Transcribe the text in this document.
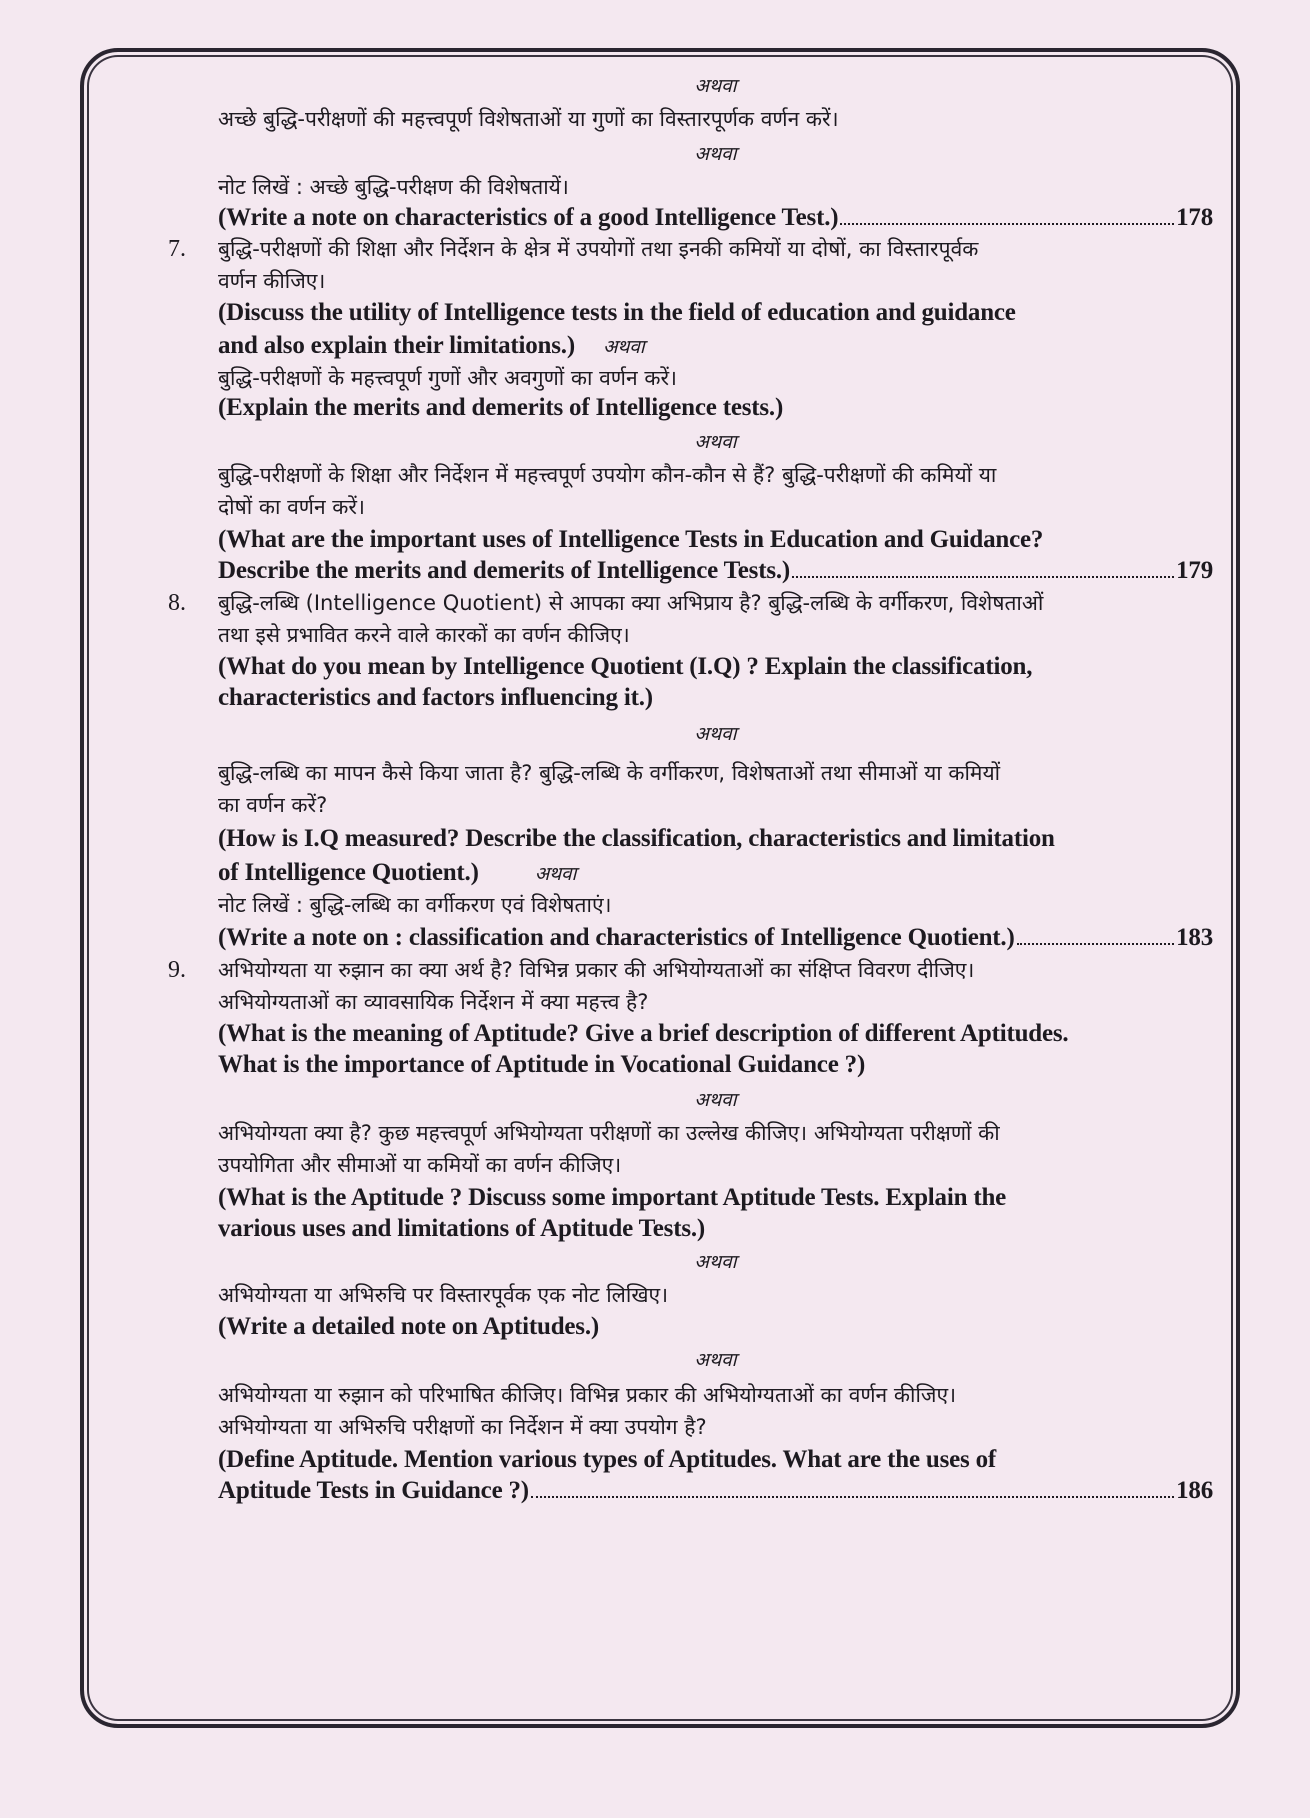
अथवा
अच्छे बुद्धि-परीक्षणों की महत्त्वपूर्ण विशेषताओं या गुणों का विस्तारपूर्णक वर्णन करें।
अथवा
नोट लिखें : अच्छे बुद्धि-परीक्षण की विशेषतायें।
(Write a note on characteristics of a good Intelligence Test.)	178
7. बुद्धि-परीक्षणों की शिक्षा और निर्देशन के क्षेत्र में उपयोगों तथा इनकी कमियों या दोषों, का विस्तारपूर्वक
वर्णन कीजिए।
(Discuss the utility of Intelligence tests in the field of education and guidance
and also explain their limitations.) अथवा
बुद्धि-परीक्षणों के महत्त्वपूर्ण गुणों और अवगुणों का वर्णन करें।
(Explain the merits and demerits of Intelligence tests.)
अथवा
बुद्धि-परीक्षणों के शिक्षा और निर्देशन में महत्त्वपूर्ण उपयोग कौन-कौन से हैं? बुद्धि-परीक्षणों की कमियों या
दोषों का वर्णन करें।
(What are the important uses of Intelligence Tests in Education and Guidance?
Describe the merits and demerits of Intelligence Tests.)	179
8. बुद्धि-लब्धि (Intelligence Quotient) से आपका क्या अभिप्राय है? बुद्धि-लब्धि के वर्गीकरण, विशेषताओं
तथा इसे प्रभावित करने वाले कारकों का वर्णन कीजिए।
(What do you mean by Intelligence Quotient (I.Q) ? Explain the classification,
characteristics and factors influencing it.)
अथवा
बुद्धि-लब्धि का मापन कैसे किया जाता है? बुद्धि-लब्धि के वर्गीकरण, विशेषताओं तथा सीमाओं या कमियों
का वर्णन करें?
(How is I.Q measured? Describe the classification, characteristics and limitation
of Intelligence Quotient.)	अथवा
नोट लिखें : बुद्धि-लब्धि का वर्गीकरण एवं विशेषताएं।
(Write a note on : classification and characteristics of Intelligence Quotient.)	183
9. अभियोग्यता या रुझान का क्या अर्थ है? विभिन्न प्रकार की अभियोग्यताओं का संक्षिप्त विवरण दीजिए।
अभियोग्यताओं का व्यावसायिक निर्देशन में क्या महत्त्व है?
(What is the meaning of Aptitude? Give a brief description of different Aptitudes.
What is the importance of Aptitude in Vocational Guidance ?)
अथवा
अभियोग्यता क्या है? कुछ महत्त्वपूर्ण अभियोग्यता परीक्षणों का उल्लेख कीजिए। अभियोग्यता परीक्षणों की
उपयोगिता और सीमाओं या कमियों का वर्णन कीजिए।
(What is the Aptitude ? Discuss some important Aptitude Tests. Explain the
various uses and limitations of Aptitude Tests.)
अथवा
अभियोग्यता या अभिरुचि पर विस्तारपूर्वक एक नोट लिखिए।
(Write a detailed note on Aptitudes.)
अथवा
अभियोग्यता या रुझान को परिभाषित कीजिए। विभिन्न प्रकार की अभियोग्यताओं का वर्णन कीजिए।
अभियोग्यता या अभिरुचि परीक्षणों का निर्देशन में क्या उपयोग है?
(Define Aptitude. Mention various types of Aptitudes. What are the uses of
Aptitude Tests in Guidance ?)	186
